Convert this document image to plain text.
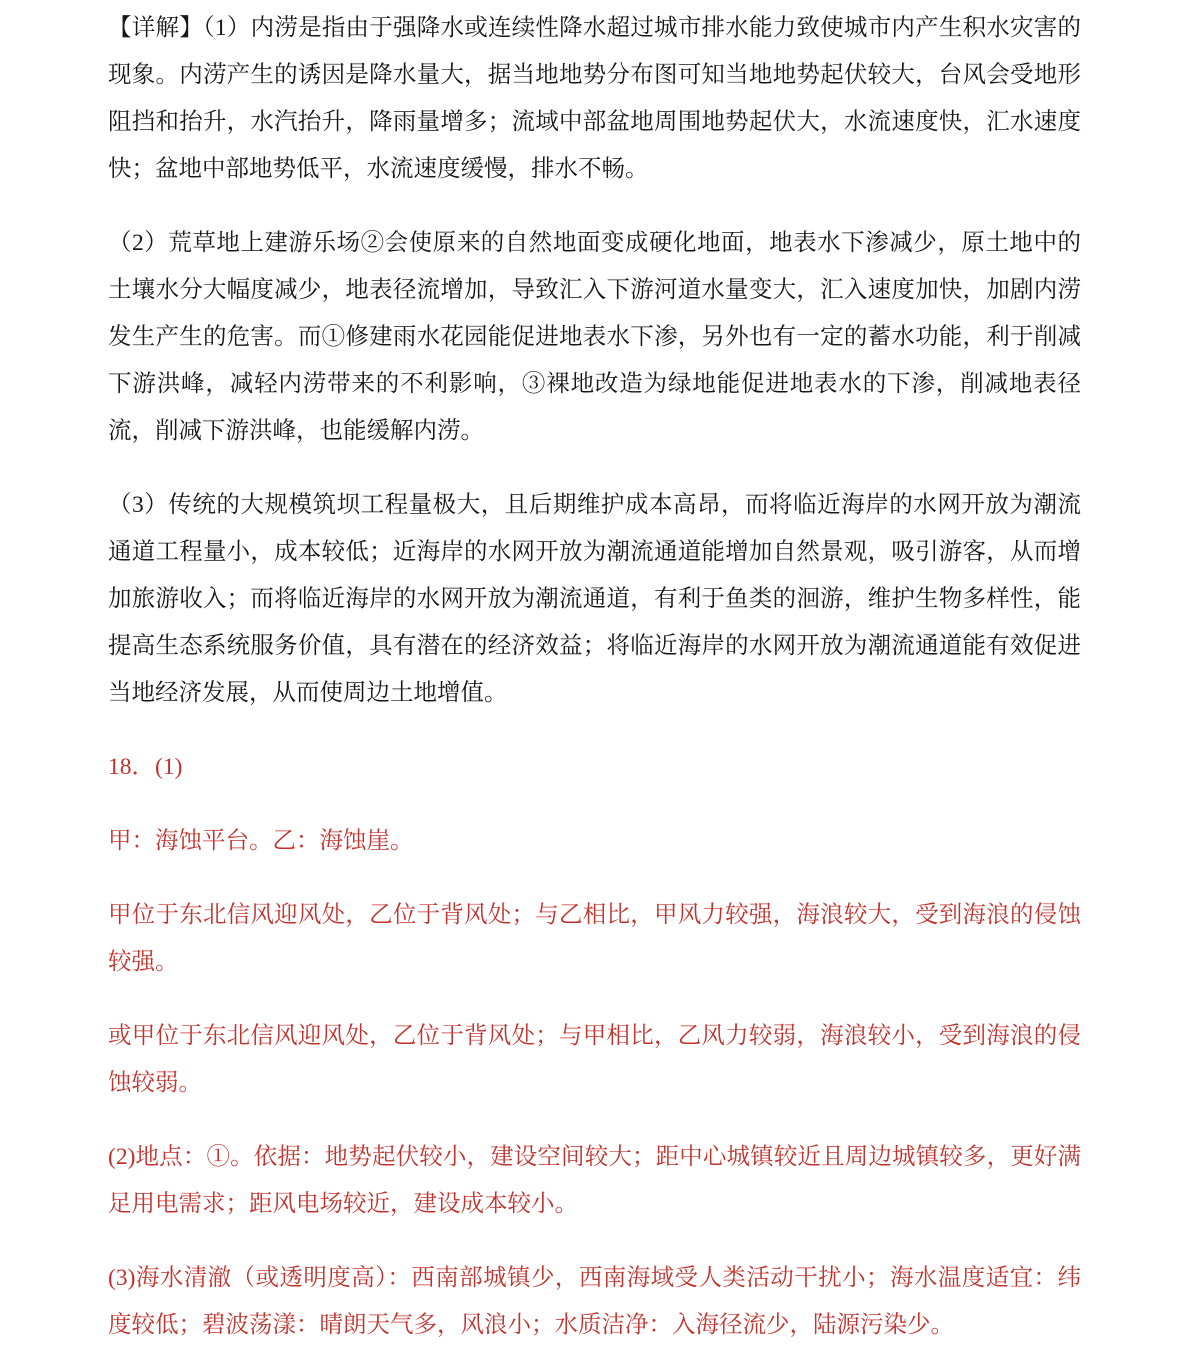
【详解】（1）内涝是指由于强降水或连续性降水超过城市排水能力致使城市内产生积水灾害的现象。内涝产生的诱因是降水量大，据当地地势分布图可知当地地势起伏较大，台风会受地形阻挡和抬升，水汽抬升，降雨量增多；流域中部盆地周围地势起伏大，水流速度快，汇水速度快；盆地中部地势低平，水流速度缓慢，排水不畅。

（2）荒草地上建游乐场②会使原来的自然地面变成硬化地面，地表水下渗减少，原土地中的土壤水分大幅度减少，地表径流增加，导致汇入下游河道水量变大，汇入速度加快，加剧内涝发生产生的危害。而①修建雨水花园能促进地表水下渗，另外也有一定的蓄水功能，利于削减下游洪峰，减轻内涝带来的不利影响，③裸地改造为绿地能促进地表水的下渗，削减地表径流，削减下游洪峰，也能缓解内涝。

（3）传统的大规模筑坝工程量极大，且后期维护成本高昂，而将临近海岸的水网开放为潮流通道工程量小，成本较低；近海岸的水网开放为潮流通道能增加自然景观，吸引游客，从而增加旅游收入；而将临近海岸的水网开放为潮流通道，有利于鱼类的洄游，维护生物多样性，能提高生态系统服务价值，具有潜在的经济效益；将临近海岸的水网开放为潮流通道能有效促进当地经济发展，从而使周边土地增值。

18．(1)

甲：海蚀平台。乙：海蚀崖。

甲位于东北信风迎风处，乙位于背风处；与乙相比，甲风力较强，海浪较大，受到海浪的侵蚀较强。

或甲位于东北信风迎风处，乙位于背风处；与甲相比，乙风力较弱，海浪较小，受到海浪的侵蚀较弱。

(2)地点：①。依据：地势起伏较小，建设空间较大；距中心城镇较近且周边城镇较多，更好满足用电需求；距风电场较近，建设成本较小。

(3)海水清澈（或透明度高）：西南部城镇少，西南海域受人类活动干扰小；海水温度适宜：纬度较低；碧波荡漾：晴朗天气多，风浪小；水质洁净：入海径流少，陆源污染少。
